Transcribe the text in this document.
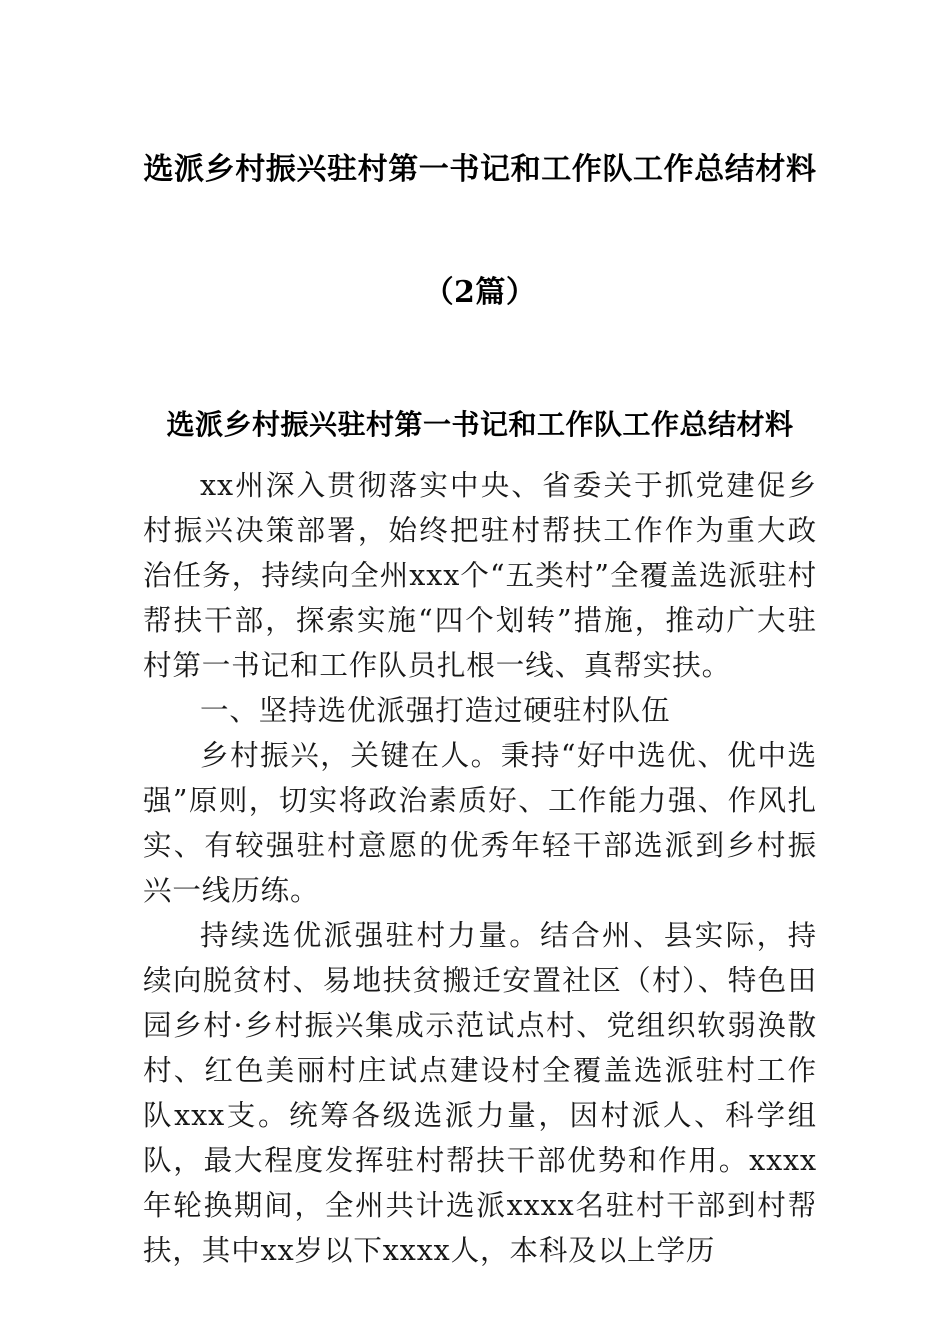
选派乡村振兴驻村第一书记和工作队工作总结材料

（2篇）

选派乡村振兴驻村第一书记和工作队工作总结材料

xx州深入贯彻落实中央、省委关于抓党建促乡村振兴决策部署，始终把驻村帮扶工作作为重大政治任务，持续向全州xxx个“五类村”全覆盖选派驻村帮扶干部，探索实施“四个划转”措施，推动广大驻村第一书记和工作队员扎根一线、真帮实扶。

一、坚持选优派强打造过硬驻村队伍

乡村振兴，关键在人。秉持“好中选优、优中选强”原则，切实将政治素质好、工作能力强、作风扎实、有较强驻村意愿的优秀年轻干部选派到乡村振兴一线历练。

持续选优派强驻村力量。结合州、县实际，持续向脱贫村、易地扶贫搬迁安置社区（村）、特色田园乡村·乡村振兴集成示范试点村、党组织软弱涣散村、红色美丽村庄试点建设村全覆盖选派驻村工作队xxx支。统筹各级选派力量，因村派人、科学组队，最大程度发挥驻村帮扶干部优势和作用。xxxx年轮换期间，全州共计选派xxxx名驻村干部到村帮扶，其中xx岁以下xxxx人，本科及以上学历
